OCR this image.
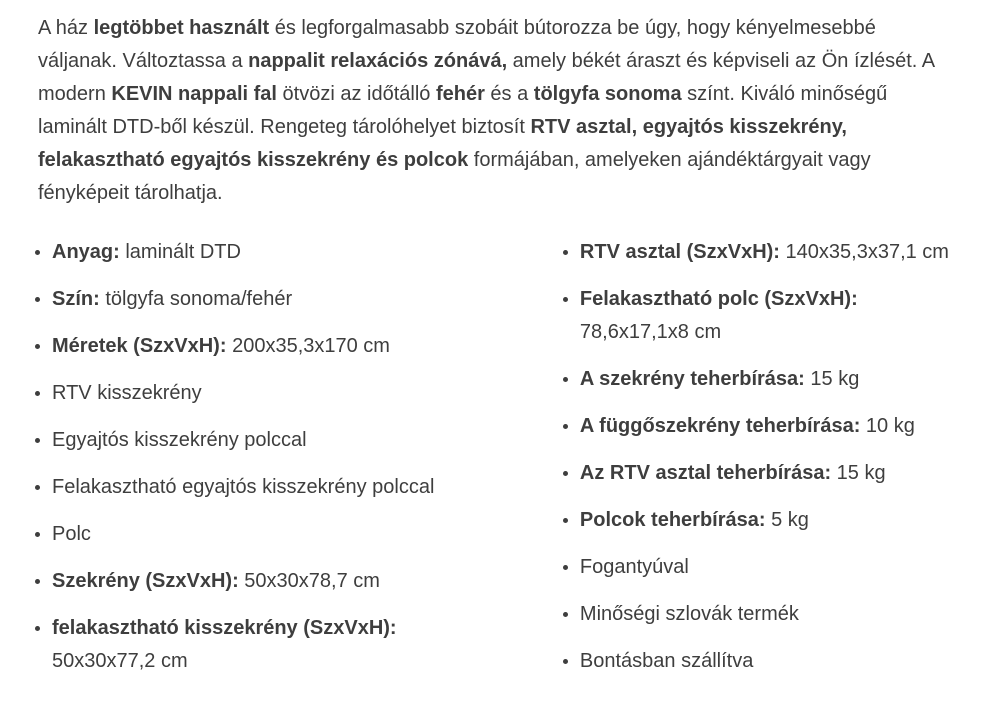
A ház legtöbbet használt és legforgalmasabb szobáit bútorozza be úgy, hogy kényelmesebbé váljanak. Változtassa a nappalit relaxációs zónává, amely békét áraszt és képviseli az Ön ízlését. A modern KEVIN nappali fal ötvözi az időtálló fehér és a tölgyfa sonoma színt. Kiváló minőségű laminált DTD-ből készül. Rengeteg tárolóhelyet biztosít RTV asztal, egyajtós kisszekrény, felakasztható egyajtós kisszekrény és polcok formájában, amelyeken ajándéktárgyait vagy fényképeit tárolhatja.

• Anyag: laminált DTD
• Szín: tölgyfa sonoma/fehér
• Méretek (SzxVxH): 200x35,3x170 cm
• RTV kisszekrény
• Egyajtós kisszekrény polccal
• Felakasztható egyajtós kisszekrény polccal
• Polc
• Szekrény (SzxVxH): 50x30x78,7 cm
• felakasztható kisszekrény (SzxVxH): 50x30x77,2 cm
• RTV asztal (SzxVxH): 140x35,3x37,1 cm
• Felakasztható polc (SzxVxH): 78,6x17,1x8 cm
• A szekrény teherbírása: 15 kg
• A függőszekrény teherbírása: 10 kg
• Az RTV asztal teherbírása: 15 kg
• Polcok teherbírása: 5 kg
• Fogantyúval
• Minőségi szlovák termék
• Bontásban szállítva
